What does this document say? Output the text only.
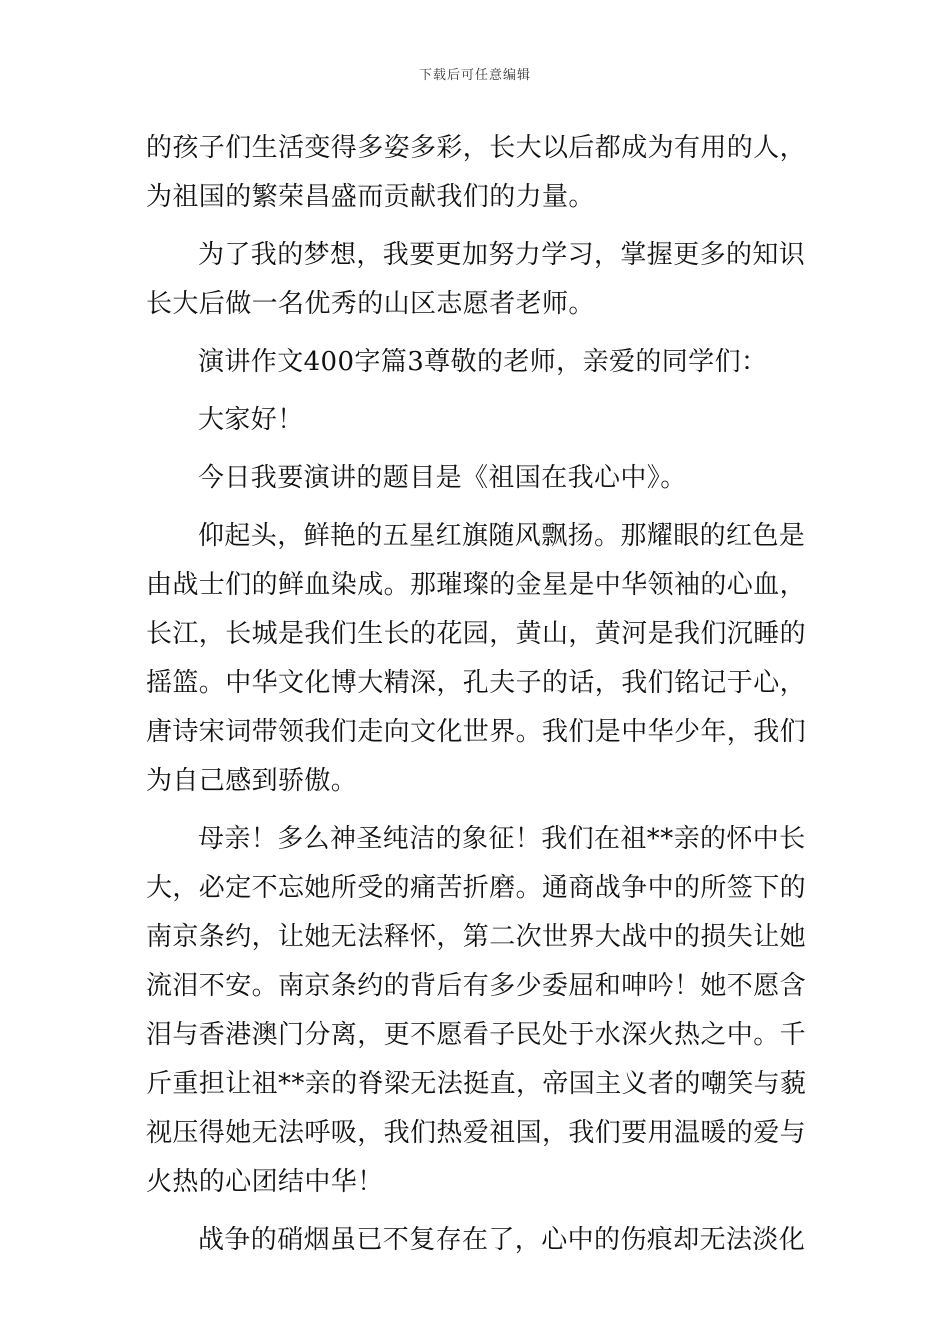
下载后可任意编辑
的孩子们生活变得多姿多彩，长大以后都成为有用的人，
为祖国的繁荣昌盛而贡献我们的力量。
为了我的梦想，我要更加努力学习，掌握更多的知识
长大后做一名优秀的山区志愿者老师。
演讲作文400字篇3尊敬的老师，亲爱的同学们：
大家好！
今日我要演讲的题目是《祖国在我心中》。
仰起头，鲜艳的五星红旗随风飘扬。那耀眼的红色是
由战士们的鲜血染成。那璀璨的金星是中华领袖的心血，
长江，长城是我们生长的花园，黄山，黄河是我们沉睡的
摇篮。中华文化博大精深，孔夫子的话，我们铭记于心，
唐诗宋词带领我们走向文化世界。我们是中华少年，我们
为自己感到骄傲。
母亲！多么神圣纯洁的象征！我们在祖**亲的怀中长
大，必定不忘她所受的痛苦折磨。通商战争中的所签下的
南京条约，让她无法释怀，第二次世界大战中的损失让她
流泪不安。南京条约的背后有多少委屈和呻吟！她不愿含
泪与香港澳门分离，更不愿看子民处于水深火热之中。千
斤重担让祖**亲的脊梁无法挺直，帝国主义者的嘲笑与藐
视压得她无法呼吸，我们热爱祖国，我们要用温暖的爱与
火热的心团结中华！
战争的硝烟虽已不复存在了，心中的伤痕却无法淡化
